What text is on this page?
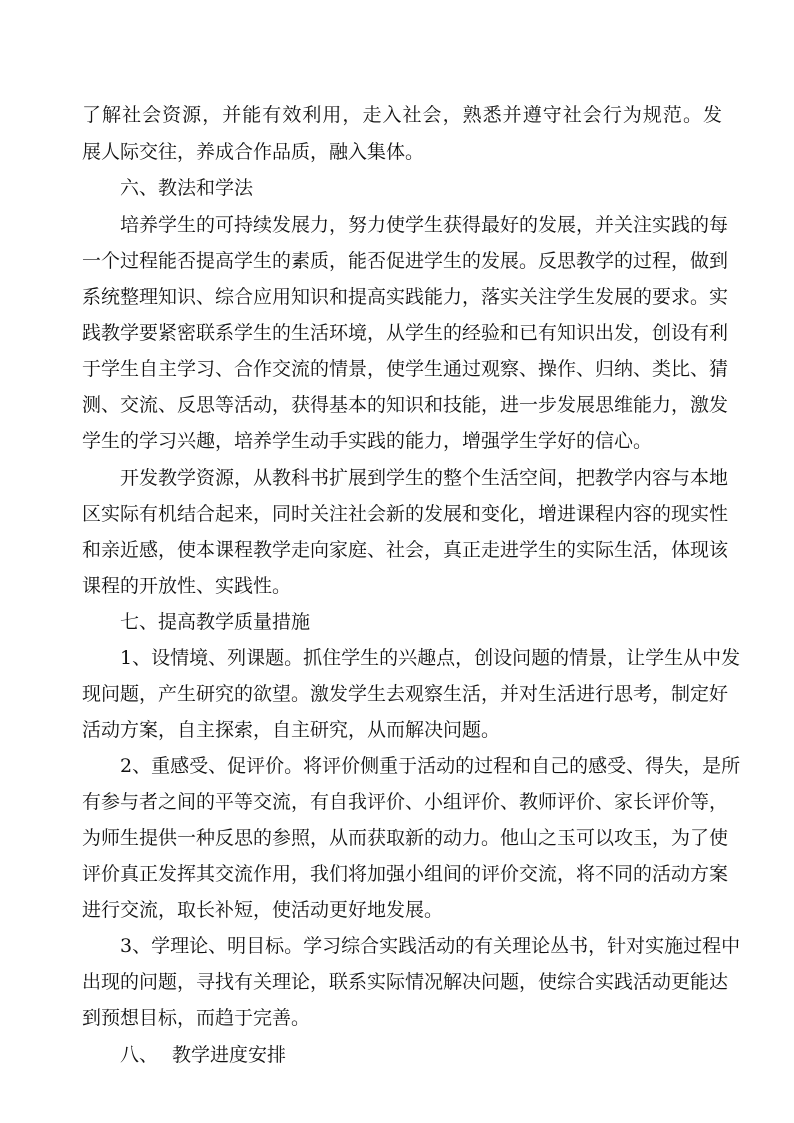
了解社会资源，并能有效利用，走入社会，熟悉并遵守社会行为规范。发
展人际交往，养成合作品质，融入集体。
六、教法和学法
培养学生的可持续发展力，努力使学生获得最好的发展，并关注实践的每
一个过程能否提高学生的素质，能否促进学生的发展。反思教学的过程，做到
系统整理知识、综合应用知识和提高实践能力，落实关注学生发展的要求。实
践教学要紧密联系学生的生活环境，从学生的经验和已有知识出发，创设有利
于学生自主学习、合作交流的情景，使学生通过观察、操作、归纳、类比、猜
测、交流、反思等活动，获得基本的知识和技能，进一步发展思维能力，激发
学生的学习兴趣，培养学生动手实践的能力，增强学生学好的信心。
开发教学资源，从教科书扩展到学生的整个生活空间，把教学内容与本地
区实际有机结合起来，同时关注社会新的发展和变化，增进课程内容的现实性
和亲近感，使本课程教学走向家庭、社会，真正走进学生的实际生活，体现该
课程的开放性、实践性。
七、提高教学质量措施
1、设情境、列课题。抓住学生的兴趣点，创设问题的情景，让学生从中发
现问题，产生研究的欲望。激发学生去观察生活，并对生活进行思考，制定好
活动方案，自主探索，自主研究，从而解决问题。
2、重感受、促评价。将评价侧重于活动的过程和自己的感受、得失，是所
有参与者之间的平等交流，有自我评价、小组评价、教师评价、家长评价等，
为师生提供一种反思的参照，从而获取新的动力。他山之玉可以攻玉，为了使
评价真正发挥其交流作用，我们将加强小组间的评价交流，将不同的活动方案
进行交流，取长补短，使活动更好地发展。
3、学理论、明目标。学习综合实践活动的有关理论丛书，针对实施过程中
出现的问题，寻找有关理论，联系实际情况解决问题，使综合实践活动更能达
到预想目标，而趋于完善。
八、 教学进度安排
